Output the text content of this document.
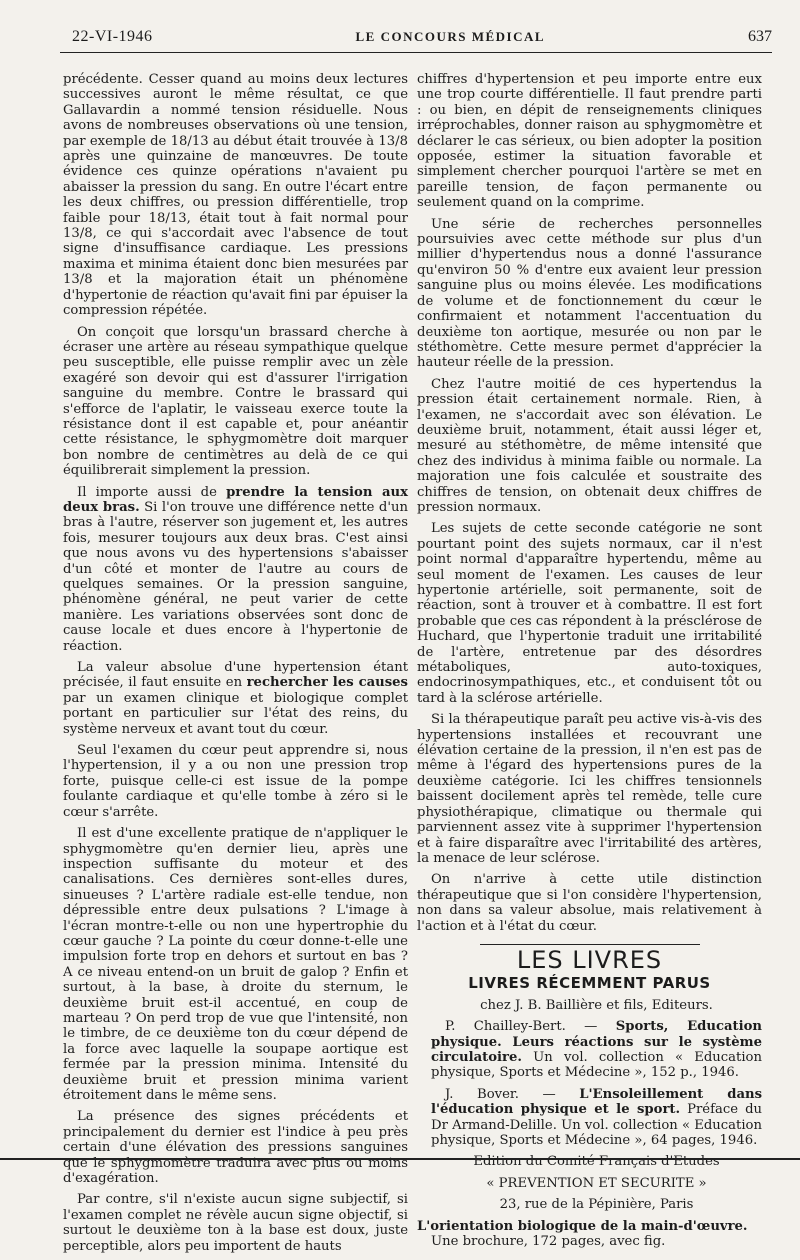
22-VI-1946	LE CONCOURS MÉDICAL	637

précédente. Cesser quand au moins deux lectures successives auront le même résultat, ce que Gallavardin a nommé tension résiduelle. Nous avons de nombreuses observations où une tension, par exemple de 18/13 au début était trouvée à 13/8 après une quinzaine de manœuvres. De toute évidence ces quinze opérations n'avaient pu abaisser la pression du sang. En outre l'écart entre les deux chiffres, ou pression différentielle, trop faible pour 18/13, était tout à fait normal pour 13/8, ce qui s'accordait avec l'absence de tout signe d'insuffisance cardiaque. Les pressions maxima et minima étaient donc bien mesurées par 13/8 et la majoration était un phénomène d'hypertonie de réaction qu'avait fini par épuiser la compression répétée.

On conçoit que lorsqu'un brassard cherche à écraser une artère au réseau sympathique quelque peu susceptible, elle puisse remplir avec un zèle exagéré son devoir qui est d'assurer l'irrigation sanguine du membre. Contre le brassard qui s'efforce de l'aplatir, le vaisseau exerce toute la résistance dont il est capable et, pour anéantir cette résistance, le sphygmomètre doit marquer bon nombre de centimètres au delà de ce qui équilibrerait simplement la pression.

Il importe aussi de prendre la tension aux deux bras. Si l'on trouve une différence nette d'un bras à l'autre, réserver son jugement et, les autres fois, mesurer toujours aux deux bras. C'est ainsi que nous avons vu des hypertensions s'abaisser d'un côté et monter de l'autre au cours de quelques semaines. Or la pression sanguine, phénomène général, ne peut varier de cette manière. Les variations observées sont donc de cause locale et dues encore à l'hypertonie de réaction.

La valeur absolue d'une hypertension étant précisée, il faut ensuite en rechercher les causes par un examen clinique et biologique complet portant en particulier sur l'état des reins, du système nerveux et avant tout du cœur.

Seul l'examen du cœur peut apprendre si, nous l'hypertension, il y a ou non une pression trop forte, puisque celle-ci est issue de la pompe foulante cardiaque et qu'elle tombe à zéro si le cœur s'arrête.

Il est d'une excellente pratique de n'appliquer le sphygmomètre qu'en dernier lieu, après une inspection suffisante du moteur et des canalisations. Ces dernières sont-elles dures, sinueuses ? L'artère radiale est-elle tendue, non dépressible entre deux pulsations ? L'image à l'écran montre-t-elle ou non une hypertrophie du cœur gauche ? La pointe du cœur donne-t-elle une impulsion forte trop en dehors et surtout en bas ? A ce niveau entend-on un bruit de galop ? Enfin et surtout, à la base, à droite du sternum, le deuxième bruit est-il accentué, en coup de marteau ? On perd trop de vue que l'intensité, non le timbre, de ce deuxième ton du cœur dépend de la force avec laquelle la soupape aortique est fermée par la pression minima. Intensité du deuxième bruit et pression minima varient étroitement dans le même sens.

La présence des signes précédents et principalement du dernier est l'indice à peu près certain d'une élévation des pressions sanguines que le sphygmomètre traduira avec plus ou moins d'exagération.

Par contre, s'il n'existe aucun signe subjectif, si l'examen complet ne révèle aucun signe objectif, si surtout le deuxième ton à la base est doux, juste perceptible, alors peu importent de hauts

chiffres d'hypertension et peu importe entre eux une trop courte différentielle. Il faut prendre parti : ou bien, en dépit de renseignements cliniques irréprochables, donner raison au sphygmomètre et déclarer le cas sérieux, ou bien adopter la position opposée, estimer la situation favorable et simplement chercher pourquoi l'artère se met en pareille tension, de façon permanente ou seulement quand on la comprime.

Une série de recherches personnelles poursuivies avec cette méthode sur plus d'un millier d'hypertendus nous a donné l'assurance qu'environ 50 % d'entre eux avaient leur pression sanguine plus ou moins élevée. Les modifications de volume et de fonctionnement du cœur le confirmaient et notamment l'accentuation du deuxième ton aortique, mesurée ou non par le stéthomètre. Cette mesure permet d'apprécier la hauteur réelle de la pression.

Chez l'autre moitié de ces hypertendus la pression était certainement normale. Rien, à l'examen, ne s'accordait avec son élévation. Le deuxième bruit, notamment, était aussi léger et, mesuré au stéthomètre, de même intensité que chez des individus à minima faible ou normale. La majoration une fois calculée et soustraite des chiffres de tension, on obtenait deux chiffres de pression normaux.

Les sujets de cette seconde catégorie ne sont pourtant point des sujets normaux, car il n'est point normal d'apparaître hypertendu, même au seul moment de l'examen. Les causes de leur hypertonie artérielle, soit permanente, soit de réaction, sont à trouver et à combattre. Il est fort probable que ces cas répondent à la présclérose de Huchard, que l'hypertonie traduit une irritabilité de l'artère, entretenue par des désordres métaboliques, auto-toxiques, endocrinosympathiques, etc., et conduisent tôt ou tard à la sclérose artérielle.

Si la thérapeutique paraît peu active vis-à-vis des hypertensions installées et recouvrant une élévation certaine de la pression, il n'en est pas de même à l'égard des hypertensions pures de la deuxième catégorie. Ici les chiffres tensionnels baissent docilement après tel remède, telle cure physiothérapique, climatique ou thermale qui parviennent assez vite à supprimer l'hypertension et à faire disparaître avec l'irritabilité des artères, la menace de leur sclérose.

On n'arrive à cette utile distinction thérapeutique que si l'on considère l'hypertension, non dans sa valeur absolue, mais relativement à l'action et à l'état du cœur.

LES LIVRES
LIVRES RÉCEMMENT PARUS

chez J. B. Baillière et fils, Editeurs.

P. Chailley-Bert. — Sports, Education physique. Leurs réactions sur le système circulatoire. Un vol. collection « Education physique, Sports et Médecine », 152 p., 1946.

J. Bover. — L'Ensoleillement dans l'éducation physique et le sport. Préface du Dr Armand-Delille. Un vol. collection « Education physique, Sports et Médecine », 64 pages, 1946.

Edition du Comité Français d'Etudes

« PREVENTION ET SECURITE »

23, rue de la Pépinière, Paris

L'orientation biologique de la main-d'œuvre.

Une brochure, 172 pages, avec fig.
